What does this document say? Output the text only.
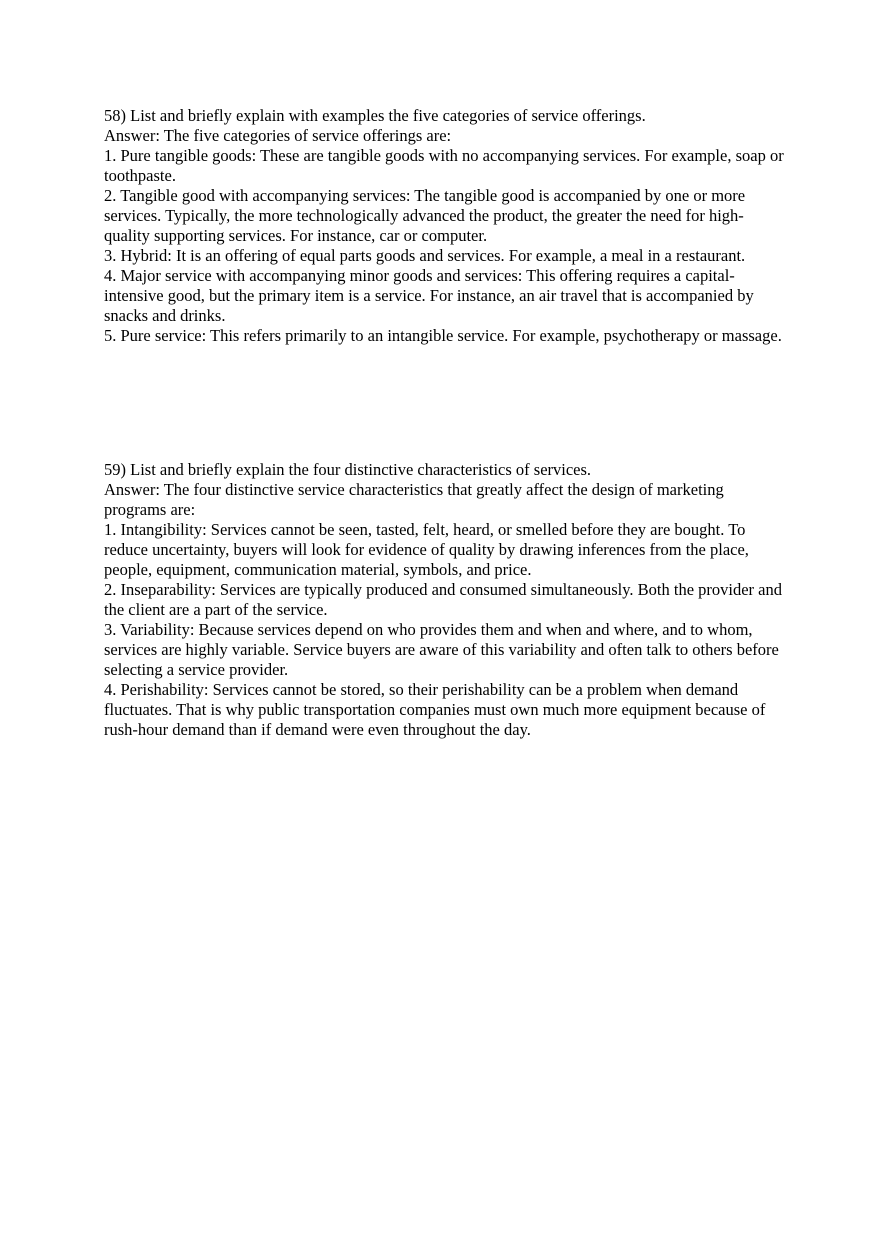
58) List and briefly explain with examples the five categories of service offerings.

Answer: The five categories of service offerings are:

1. Pure tangible goods: These are tangible goods with no accompanying services. For example, soap or toothpaste.

2. Tangible good with accompanying services: The tangible good is accompanied by one or more services. Typically, the more technologically advanced the product, the greater the need for high-quality supporting services. For instance, car or computer.

3. Hybrid: It is an offering of equal parts goods and services. For example, a meal in a restaurant.

4. Major service with accompanying minor goods and services: This offering requires a capital-intensive good, but the primary item is a service. For instance, an air travel that is accompanied by snacks and drinks.

5. Pure service: This refers primarily to an intangible service. For example, psychotherapy or massage.

59) List and briefly explain the four distinctive characteristics of services.

Answer: The four distinctive service characteristics that greatly affect the design of marketing programs are:

1. Intangibility: Services cannot be seen, tasted, felt, heard, or smelled before they are bought. To reduce uncertainty, buyers will look for evidence of quality by drawing inferences from the place, people, equipment, communication material, symbols, and price.

2. Inseparability: Services are typically produced and consumed simultaneously. Both the provider and the client are a part of the service.

3. Variability: Because services depend on who provides them and when and where, and to whom, services are highly variable. Service buyers are aware of this variability and often talk to others before selecting a service provider.

4. Perishability: Services cannot be stored, so their perishability can be a problem when demand fluctuates. That is why public transportation companies must own much more equipment because of rush-hour demand than if demand were even throughout the day.
